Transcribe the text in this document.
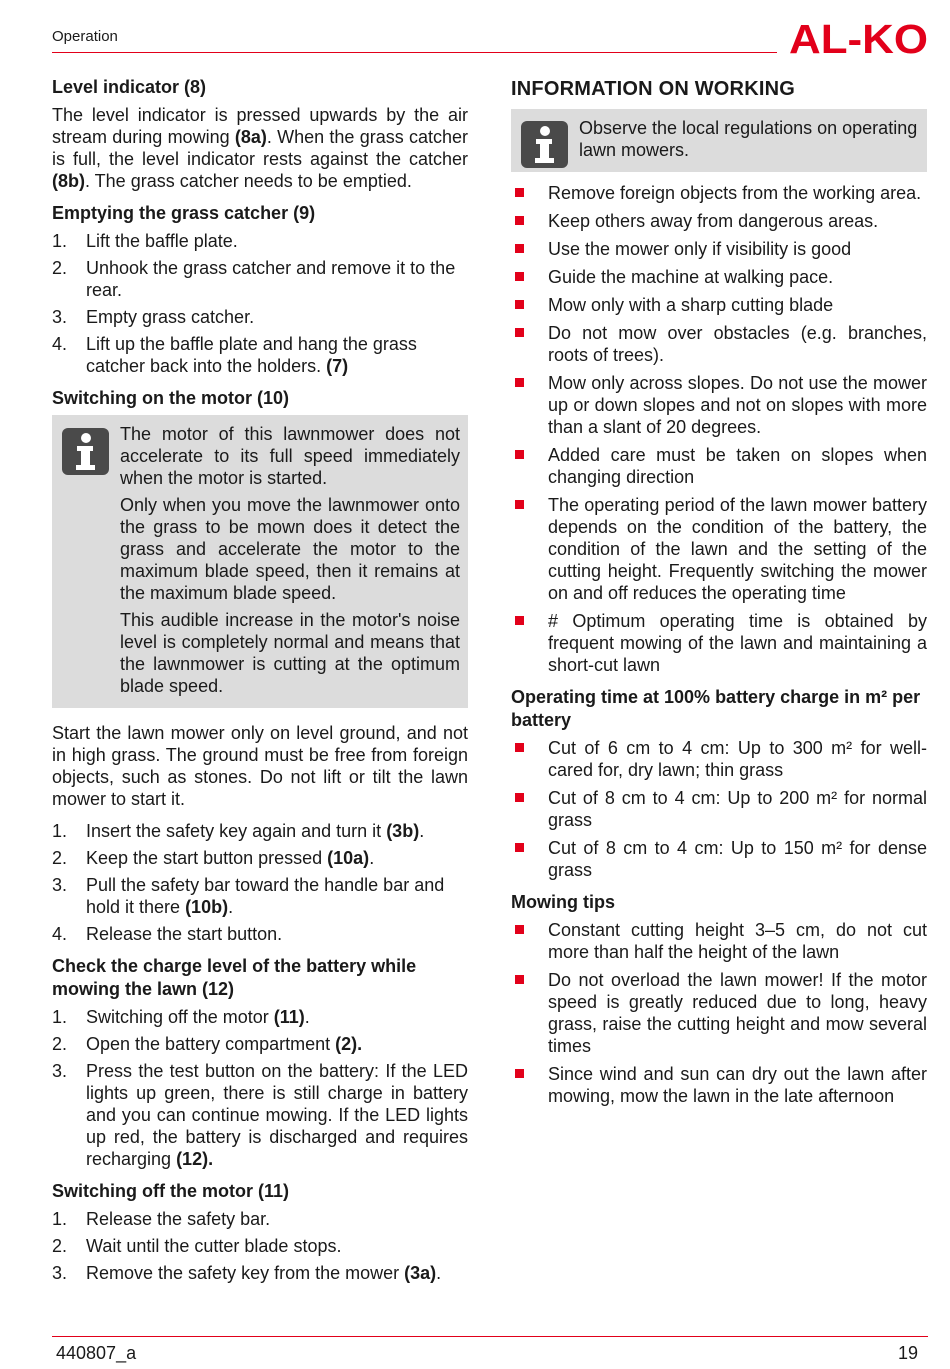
Operation	AL-KO
Level indicator (8)

The level indicator is pressed upwards by the air stream during mowing (8a). When the grass catcher is full, the level indicator rests against the catcher (8b). The grass catcher needs to be emptied.

Emptying the grass catcher (9)
1. Lift the baffle plate.
2. Unhook the grass catcher and remove it to the rear.
3. Empty grass catcher.
4. Lift up the baffle plate and hang the grass catcher back into the holders. (7)
Switching on the motor (10)

The motor of this lawnmower does not accelerate to its full speed immediately when the motor is started.

Only when you move the lawnmower onto the grass to be mown does it detect the grass and accelerate the motor to the maximum blade speed, then it remains at the maximum blade speed.

This audible increase in the motor's noise level is completely normal and means that the lawnmower is cutting at the optimum blade speed.

Start the lawn mower only on level ground, and not in high grass. The ground must be free from foreign objects, such as stones. Do not lift or tilt the lawn mower to start it.

1. Insert the safety key again and turn it (3b).
2. Keep the start button pressed (10a).
3. Pull the safety bar toward the handle bar and hold it there (10b).
4. Release the start button.
Check the charge level of the battery while mowing the lawn (12)
1. Switching off the motor (11).
2. Open the battery compartment (2).
3. Press the test button on the battery: If the LED lights up green, there is still charge in battery and you can continue mowing. If the LED lights up red, the battery is discharged and requires recharging (12).
Switching off the motor (11)
1. Release the safety bar.
2. Wait until the cutter blade stops.
3. Remove the safety key from the mower (3a).
INFORMATION ON WORKING

Observe the local regulations on operating lawn mowers.

Remove foreign objects from the working area.
Keep others away from dangerous areas.
Use the mower only if visibility is good
Guide the machine at walking pace.
Mow only with a sharp cutting blade
Do not mow over obstacles (e.g. branches, roots of trees).
Mow only across slopes. Do not use the mower up or down slopes and not on slopes with more than a slant of 20 degrees.
Added care must be taken on slopes when changing direction
The operating period of the lawn mower battery depends on the condition of the battery, the condition of the lawn and the setting of the cutting height. Frequently switching the mower on and off reduces the operating time
# Optimum operating time is obtained by frequent mowing of the lawn and maintaining a short-cut lawn
Operating time at 100% battery charge in m² per battery
Cut of 6 cm to 4 cm: Up to 300 m² for well-cared for, dry lawn; thin grass
Cut of 8 cm to 4 cm: Up to 200 m² for normal grass
Cut of 8 cm to 4 cm: Up to 150 m² for dense grass
Mowing tips
Constant cutting height 3–5 cm, do not cut more than half the height of the lawn
Do not overload the lawn mower! If the motor speed is greatly reduced due to long, heavy grass, raise the cutting height and mow several times
Since wind and sun can dry out the lawn after mowing, mow the lawn in the late afternoon
440807_a	19
